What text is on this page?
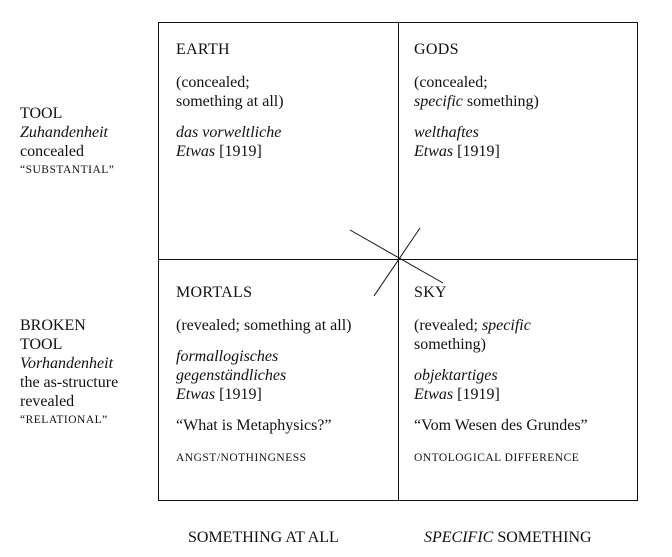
TOOL
Zuhandenheit
concealed
“SUBSTANTIAL”
BROKEN
TOOL
Vorhandenheit
the as-structure
revealed
“RELATIONAL”
EARTH
(concealed;
something at all)
das vorweltliche
Etwas [1919]
GODS
(concealed;
specific something)
welthaftes
Etwas [1919]
MORTALS
(revealed; something at all)
formallogisches
gegenständliches
Etwas [1919]
“What is Metaphysics?”
ANGST/NOTHINGNESS
SKY
(revealed; specific
something)
objektartiges
Etwas [1919]
“Vom Wesen des Grundes”
ONTOLOGICAL DIFFERENCE
SOMETHING AT ALL	SPECIFIC SOMETHING
